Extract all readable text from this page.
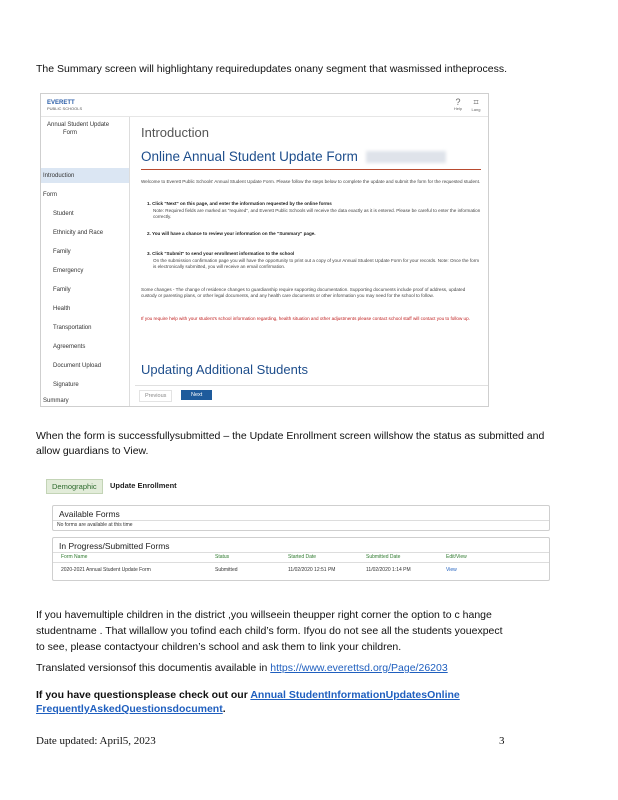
The Summary screen will highlightany requiredupdates onany segment that wasmissed intheprocess.
EVERETT
PUBLIC SCHOOLS
?
Help
⌗
Lang
Annual Student Update
Form
Introduction
Form
Student
Ethnicity and Race
Family
Emergency
Family
Health
Transportation
Agreements
Document Upload
Signature
Summary
Introduction
Online Annual Student Update Form
Welcome to Everett Public Schools' Annual Student Update Form. Please follow the steps below to complete the update and submit the form for the requested student.
1. Click "Next" on this page, and enter the information requested by the online forms
Note: Required fields are marked as "required", and Everett Public Schools will receive the data exactly as it is entered. Please be careful to enter the information correctly.
2. You will have a chance to review your information on the "Summary" page.
3. Click "Submit" to send your enrollment information to the school
On the submission confirmation page you will have the opportunity to print out a copy of your Annual Student Update Form for your records. Note: Once the form is electronically submitted, you will receive an email confirmation.
Some changes - The change of residence changes to guardianship require supporting documentation. Supporting documents include proof of address, updated custody or parenting plans, or other legal documents, and any health care documents or other information you may need for the school to follow.
If you require help with your student's school information regarding, health situation and other adjustments please contact school staff will contact you to follow up.
Updating Additional Students
Previous	Next
When the form is successfullysubmitted – the Update Enrollment screen willshow the status as submitted and
allow guardians to View.
Demographic	Update Enrollment
Available Forms
No forms are available at this time
In Progress/Submitted Forms
Form Name	Status	Started Date	Submitted Date	Edit/View
2020-2021 Annual Student Update Form	Submitted	11/02/2020 12:51 PM	11/02/2020 1:14 PM	View
If you havemultiple children in the district ,you willseein theupper right corner the option to c hange
studentname . That willallow you tofind each child’s form. Ifyou do not see all the students youexpect
to see, please contactyour children’s school and ask them to link your children.
Translated versionsof this documentis available in https://www.everettsd.org/Page/26203
If you have questionsplease check out our Annual StudentInformationUpdatesOnline
FrequentlyAskedQuestionsdocument.
Date updated: April5, 2023	3
